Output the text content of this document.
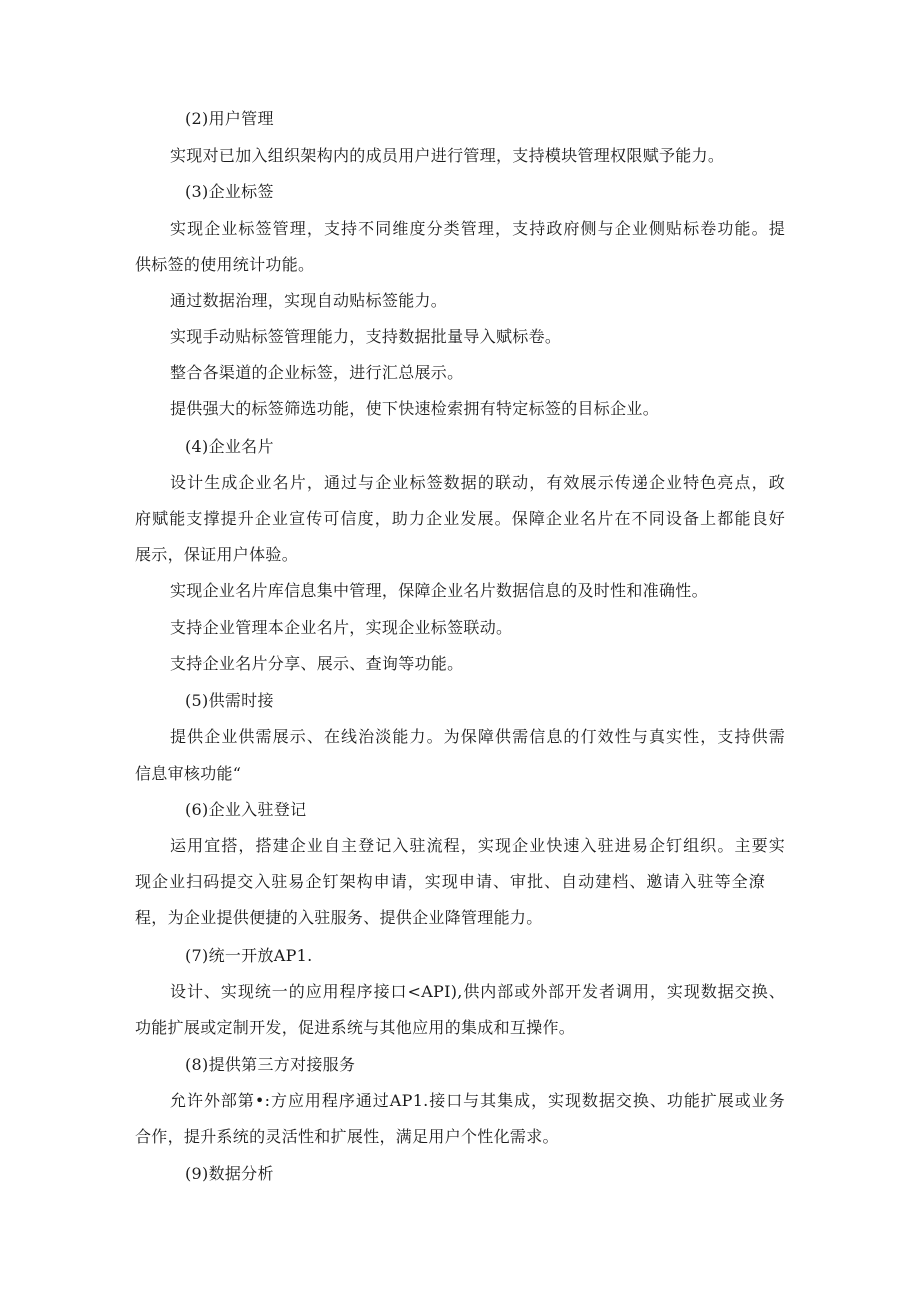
(2)用户管理
实现对已加入组织架构内的成员用户进行管理，支持模块管理权限赋予能力。
(3)企业标签
实现企业标签管理，支持不同维度分类管理，支持政府侧与企业侧贴标卷功能。提
供标签的使用统计功能。
通过数据治理，实现自动贴标签能力。
实现手动贴标签管理能力，支持数据批量导入赋标卷。
整合各渠道的企业标签，进行汇总展示。
提供强大的标签筛选功能，使下快速检索拥有特定标签的目标企业。
(4)企业名片
设计生成企业名片，通过与企业标签数据的联动，有效展示传递企业特色亮点，政
府赋能支撑提升企业宣传可信度，助力企业发展。保障企业名片在不同设备上都能良好
展示，保证用户体验。
实现企业名片库信息集中管理，保障企业名片数据信息的及时性和准确性。
支持企业管理本企业名片，实现企业标签联动。
支持企业名片分享、展示、查询等功能。
(5)供需时接
提供企业供需展示、在线治淡能力。为保障供需信息的仃效性与真实性，支持供需
信息审核功能“
(6)企业入驻登记
运用宜搭，搭建企业自主登记入驻流程，实现企业快速入驻进易企钉组织。主要实
现企业扫码提交入驻易企钉架构申请，实现申请、审批、自动建档、邀请入驻等全潦
程，为企业提供便捷的入驻服务、提供企业降管理能力。
(7)统一开放AP1.
设计、实现统一的应用程序接口<API),供内部或外部开发者调用，实现数据交换、
功能扩展或定制开发，促进系统与其他应用的集成和互操作。
(8)提供第三方对接服务
允许外部第•:方应用程序通过AP1.接口与其集成，实现数据交换、功能扩展或业务
合作，提升系统的灵活性和扩展性，满足用户个性化需求。
(9)数据分析
